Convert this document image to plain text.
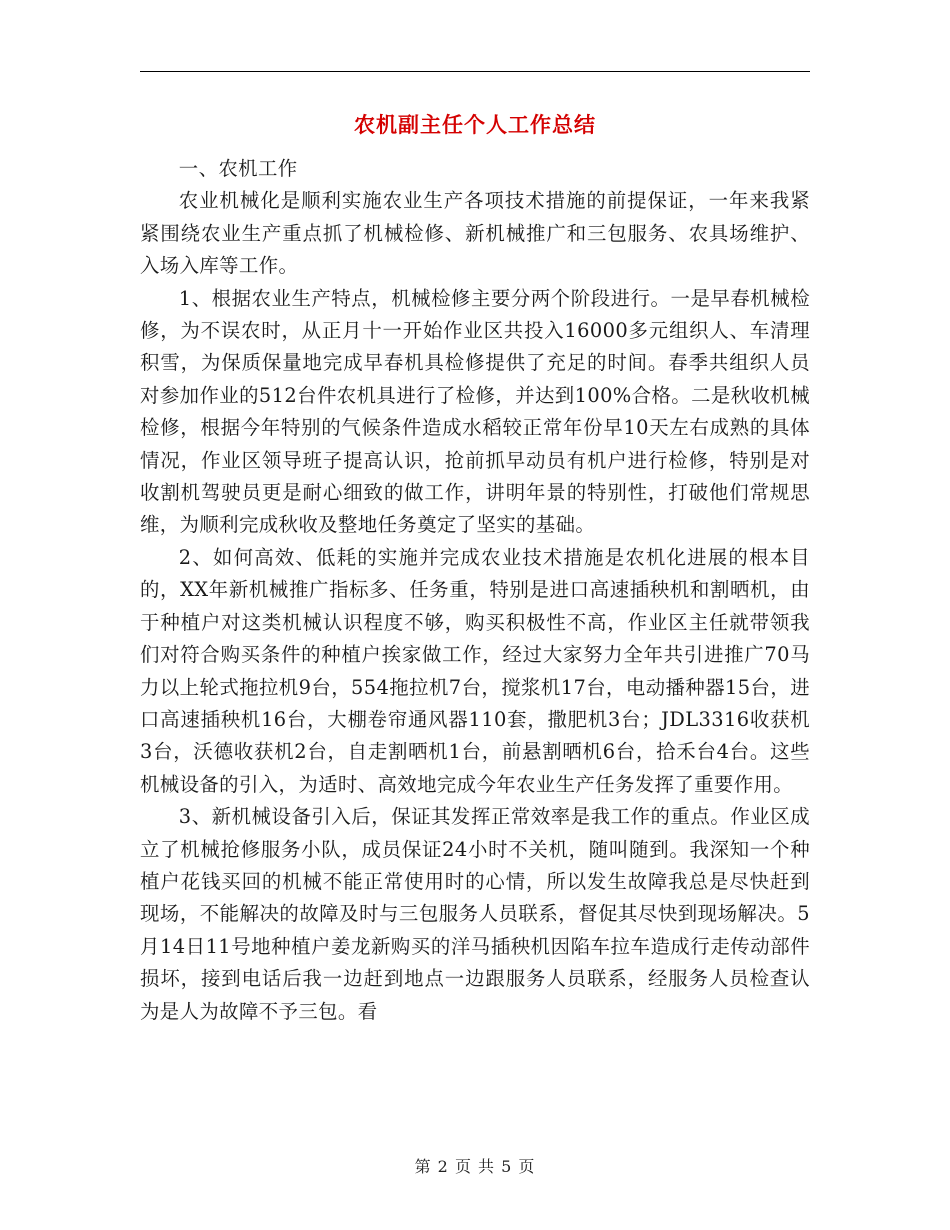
农机副主任个人工作总结

一、农机工作

农业机械化是顺利实施农业生产各项技术措施的前提保证，一年来我紧紧围绕农业生产重点抓了机械检修、新机械推广和三包服务、农具场维护、入场入库等工作。

1、根据农业生产特点，机械检修主要分两个阶段进行。一是早春机械检修，为不误农时，从正月十一开始作业区共投入16000多元组织人、车清理积雪，为保质保量地完成早春机具检修提供了充足的时间。春季共组织人员对参加作业的512台件农机具进行了检修，并达到100%合格。二是秋收机械检修，根据今年特别的气候条件造成水稻较正常年份早10天左右成熟的具体情况，作业区领导班子提高认识，抢前抓早动员有机户进行检修，特别是对收割机驾驶员更是耐心细致的做工作，讲明年景的特别性，打破他们常规思维，为顺利完成秋收及整地任务奠定了坚实的基础。

2、如何高效、低耗的实施并完成农业技术措施是农机化进展的根本目的，XX年新机械推广指标多、任务重，特别是进口高速插秧机和割晒机，由于种植户对这类机械认识程度不够，购买积极性不高，作业区主任就带领我们对符合购买条件的种植户挨家做工作，经过大家努力全年共引进推广70马力以上轮式拖拉机9台，554拖拉机7台，搅浆机17台，电动播种器15台，进口高速插秧机16台，大棚卷帘通风器110套，撒肥机3台；JDL3316收获机3台，沃德收获机2台，自走割晒机1台，前悬割晒机6台，拾禾台4台。这些机械设备的引入，为适时、高效地完成今年农业生产任务发挥了重要作用。

3、新机械设备引入后，保证其发挥正常效率是我工作的重点。作业区成立了机械抢修服务小队，成员保证24小时不关机，随叫随到。我深知一个种植户花钱买回的机械不能正常使用时的心情，所以发生故障我总是尽快赶到现场，不能解决的故障及时与三包服务人员联系，督促其尽快到现场解决。5月14日11号地种植户姜龙新购买的洋马插秧机因陷车拉车造成行走传动部件损坏，接到电话后我一边赶到地点一边跟服务人员联系，经服务人员检查认为是人为故障不予三包。看

第 2 页 共 5 页
